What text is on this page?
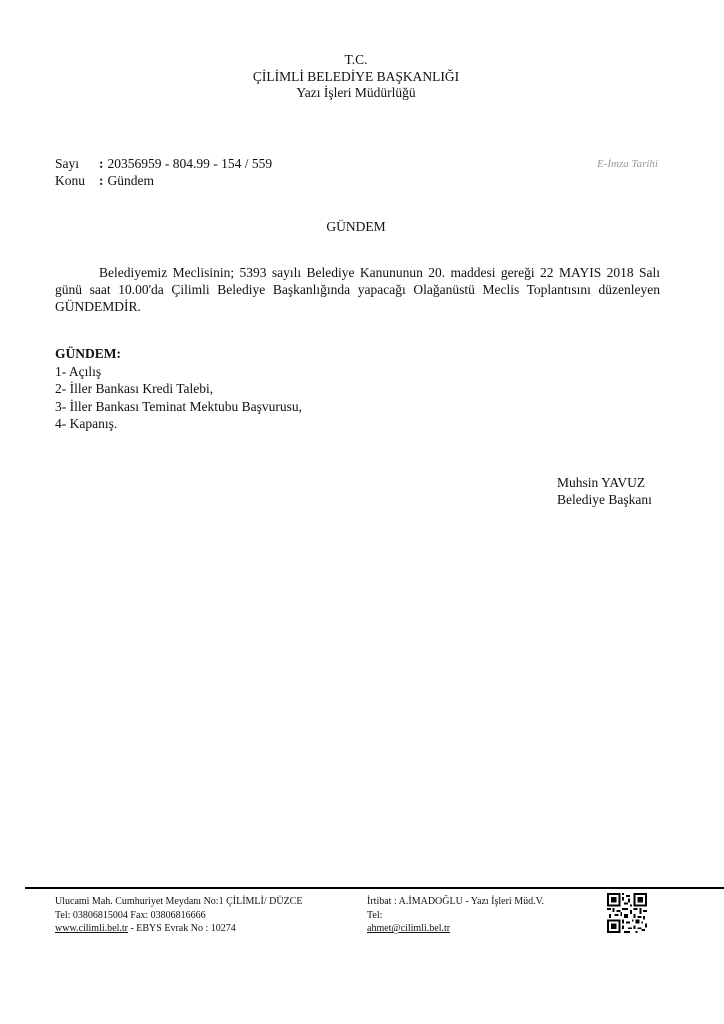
T.C.
ÇİLİMLİ BELEDİYE BAŞKANLIĞI
Yazı İşleri Müdürlüğü
Sayı	: 20356959 - 804.99 - 154 / 559
Konu	: Gündem
E-İmza Tarihi
GÜNDEM
Belediyemiz Meclisinin; 5393 sayılı Belediye Kanununun 20. maddesi gereği 22 MAYIS 2018 Salı günü saat 10.00'da Çilimli Belediye Başkanlığında yapacağı Olağanüstü Meclis Toplantısını düzenleyen GÜNDEMDİR.
GÜNDEM:
1- Açılış
2- İller Bankası Kredi Talebi,
3- İller Bankası Teminat Mektubu Başvurusu,
4- Kapanış.
Muhsin YAVUZ
Belediye Başkanı
Ulucami Mah. Cumhuriyet Meydanı No:1 ÇİLİMLİ/ DÜZCE
Tel: 03806815004 Fax: 03806816666
www.cilimli.bel.tr - EBYS Evrak No : 10274
İrtibat : A.İMADOĞLU - Yazı İşleri Müd.V.
Tel:
ahmet@cilimli.bel.tr
